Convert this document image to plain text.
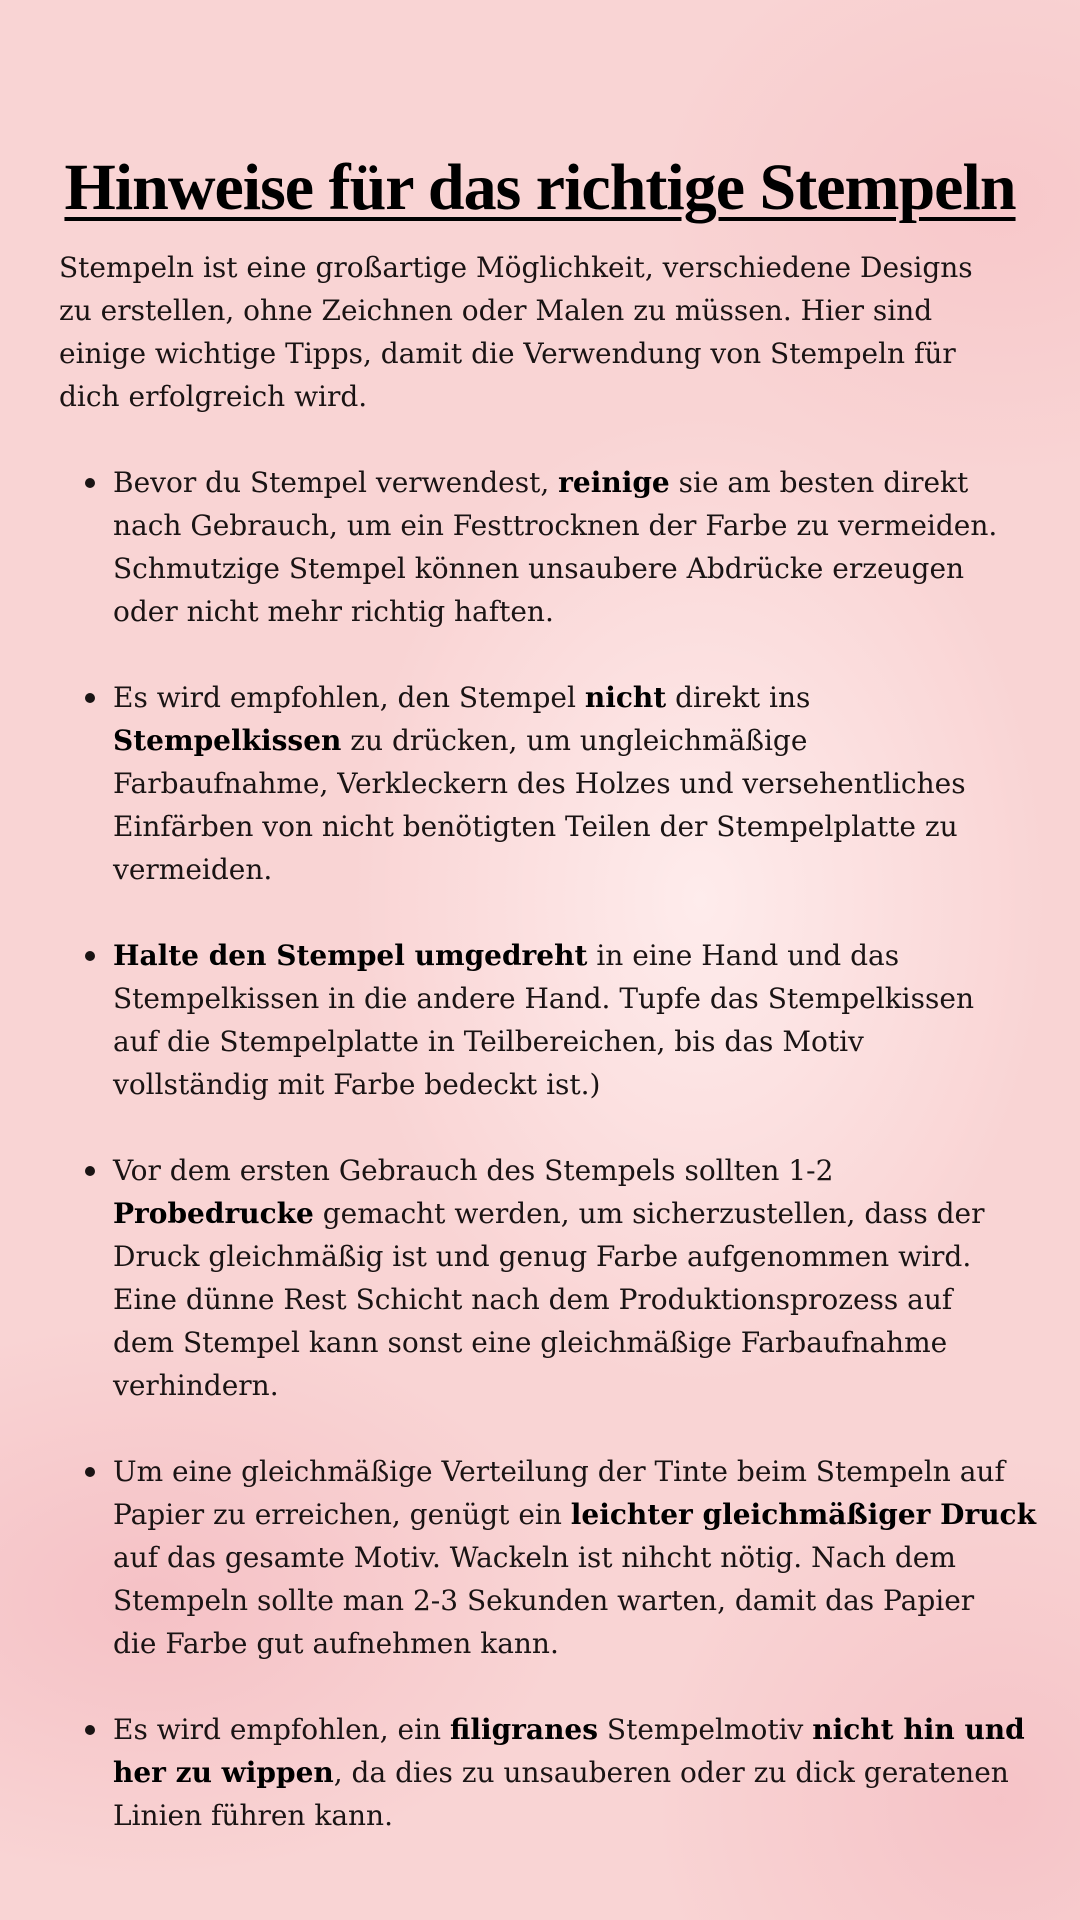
Hinweise für das richtige Stempeln

Stempeln ist eine großartige Möglichkeit, verschiedene Designs
zu erstellen, ohne Zeichnen oder Malen zu müssen. Hier sind
einige wichtige Tipps, damit die Verwendung von Stempeln für
dich erfolgreich wird.

Bevor du Stempel verwendest, reinige sie am besten direkt
nach Gebrauch, um ein Festtrocknen der Farbe zu vermeiden.
Schmutzige Stempel können unsaubere Abdrücke erzeugen
oder nicht mehr richtig haften.
Es wird empfohlen, den Stempel nicht direkt ins
Stempelkissen zu drücken, um ungleichmäßige
Farbaufnahme, Verkleckern des Holzes und versehentliches
Einfärben von nicht benötigten Teilen der Stempelplatte zu
vermeiden.
Halte den Stempel umgedreht in eine Hand und das
Stempelkissen in die andere Hand. Tupfe das Stempelkissen
auf die Stempelplatte in Teilbereichen, bis das Motiv
vollständig mit Farbe bedeckt ist.)
Vor dem ersten Gebrauch des Stempels sollten 1-2
Probedrucke gemacht werden, um sicherzustellen, dass der
Druck gleichmäßig ist und genug Farbe aufgenommen wird.
Eine dünne Rest Schicht nach dem Produktionsprozess auf
dem Stempel kann sonst eine gleichmäßige Farbaufnahme
verhindern.
Um eine gleichmäßige Verteilung der Tinte beim Stempeln auf
Papier zu erreichen, genügt ein leichter gleichmäßiger Druck
auf das gesamte Motiv. Wackeln ist nihcht nötig. Nach dem
Stempeln sollte man 2-3 Sekunden warten, damit das Papier
die Farbe gut aufnehmen kann.
Es wird empfohlen, ein filigranes Stempelmotiv nicht hin und
her zu wippen, da dies zu unsauberen oder zu dick geratenen
Linien führen kann.
